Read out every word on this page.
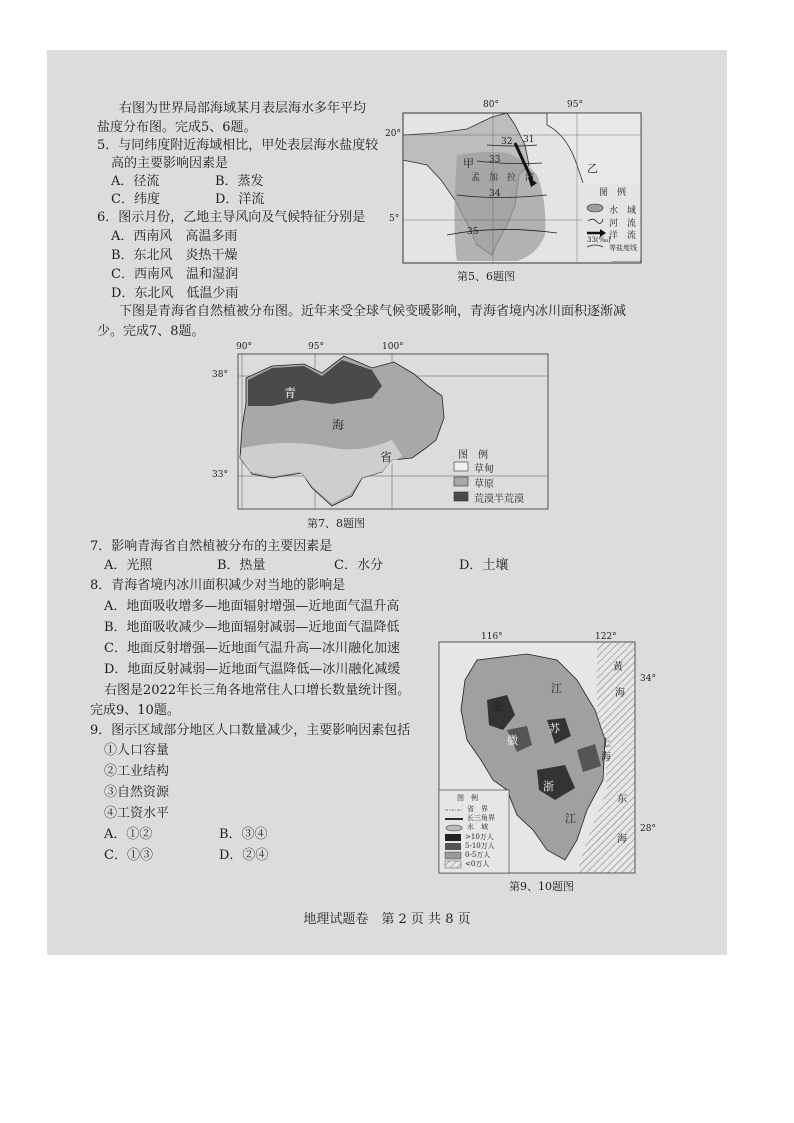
右图为世界局部海域某月表层海水多年平均
盐度分布图。完成5、6题。
5．与同纬度附近海域相比，甲处表层海水盐度较
高的主要影响因素是
A．径流	B．蒸发
C．纬度	D．洋流
6．图示月份，乙地主导风向及气候特征分别是
A．西南风　高温多雨
B．东北风　炎热干燥
C．西南风　温和湿润
D．东北风　低温少雨
80°	95°
20°
5°
32 31
33
34
35
甲	乙
孟　加　拉　湾
图　例
水　域
河　流
洋　流
33(‰)
等盐度线
第5、6题图
下图是青海省自然植被分布图。近年来受全球气候变暖影响，青海省境内冰川面积逐渐减
少。完成7、8题。
90°	95°	100°
38°
33°
青
海
省	图　例
草甸
草原
荒漠半荒漠
第7、8题图
7．影响青海省自然植被分布的主要因素是
A．光照	B．热量	C．水分	D．土壤
8．青海省境内冰川面积减少对当地的影响是
A．地面吸收增多—地面辐射增强—近地面气温升高
B．地面吸收减少—地面辐射减弱—近地面气温降低
C．地面反射增强—近地面气温升高—冰川融化加速
D．地面反射减弱—近地面气温降低—冰川融化减缓
右图是2022年长三角各地常住人口增长数量统计图。
完成9、10题。
9．图示区域部分地区人口数量减少，主要影响因素包括
①人口容量
②工业结构
③自然资源
④工资水平
A．①②	B．③④
C．①③	D．②④
116°	122°
34°
28°
安
徽
江
苏
上
海
浙
江
黄
海
东
海
图　例
省　界
长三角界
水　域
>10万人
5-10万人
0-5万人
<0万人
第9、10题图
地理试题卷　第 2 页 共 8 页
